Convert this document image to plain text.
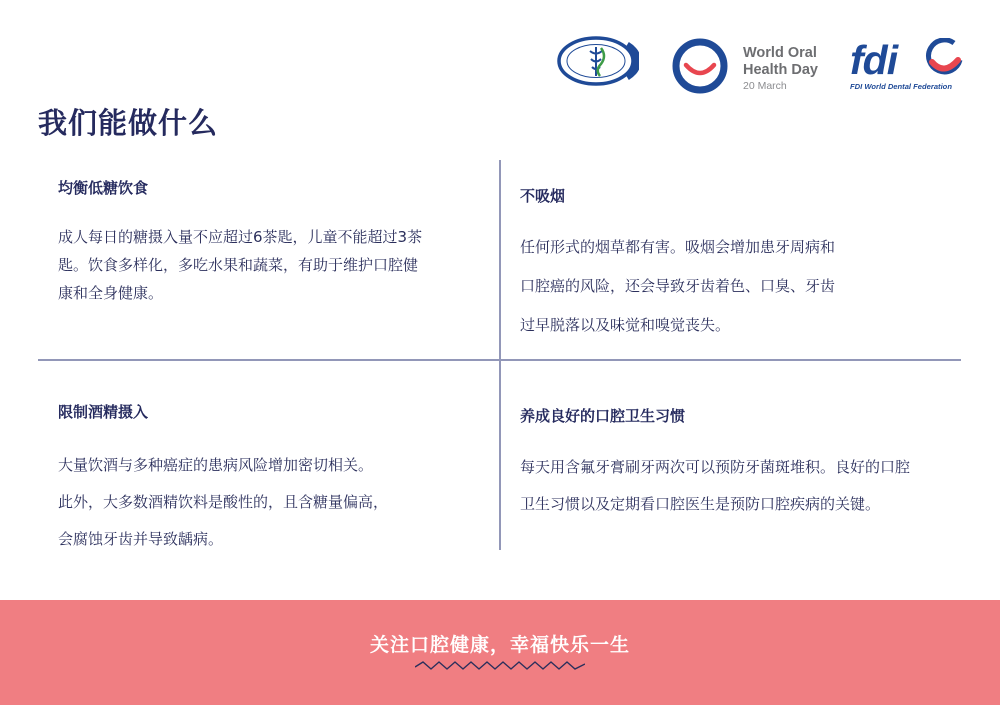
我们能做什么
World Oral
Health Day
20 March
fdi
FDI World Dental Federation
均衡低糖饮食

成人每日的糖摄入量不应超过6茶匙，儿童不能超过3茶

匙。饮食多样化，多吃水果和蔬菜，有助于维护口腔健

康和全身健康。

不吸烟

任何形式的烟草都有害。吸烟会增加患牙周病和

口腔癌的风险，还会导致牙齿着色、口臭、牙齿

过早脱落以及味觉和嗅觉丧失。

限制酒精摄入

大量饮酒与多种癌症的患病风险增加密切相关。

此外，大多数酒精饮料是酸性的，且含糖量偏高，

会腐蚀牙齿并导致龋病。

养成良好的口腔卫生习惯

每天用含氟牙膏刷牙两次可以预防牙菌斑堆积。良好的口腔

卫生习惯以及定期看口腔医生是预防口腔疾病的关键。

关注口腔健康，幸福快乐一生
